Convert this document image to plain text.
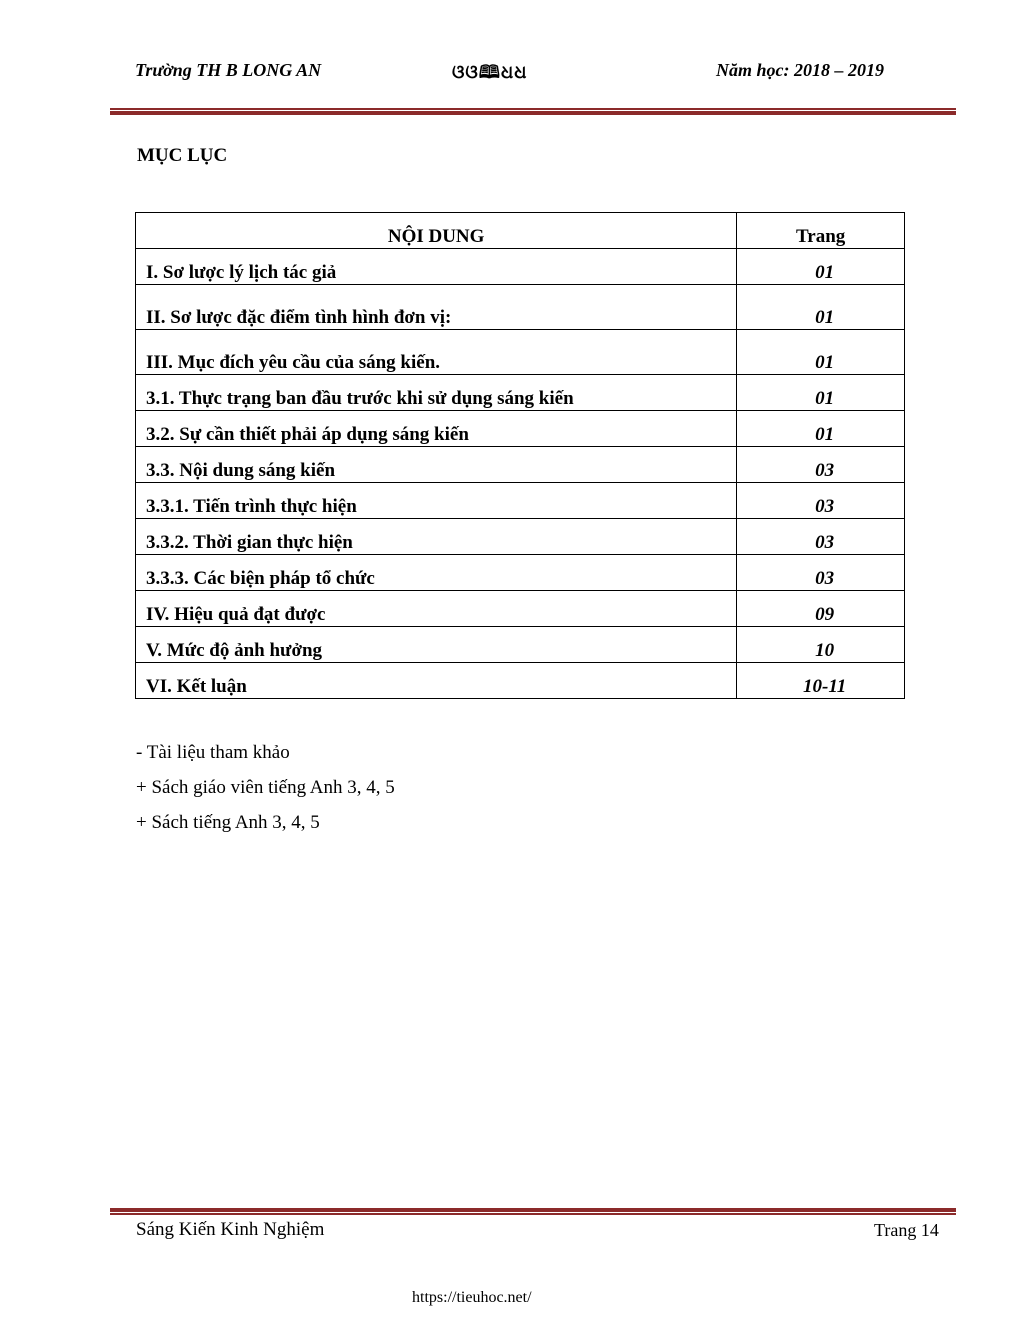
Trường TH B LONG AN	ଓଓ🕮ଧଧ	Năm học: 2018 – 2019
MỤC LỤC
NỘI DUNG	Trang
I. Sơ lược lý lịch tác giả	01
II. Sơ lược đặc điểm tình hình đơn vị:	01
III. Mục đích yêu cầu của sáng kiến.	01
3.1. Thực trạng ban đầu trước khi sử dụng sáng kiến	01
3.2. Sự cần thiết phải áp dụng sáng kiến	01
3.3. Nội dung sáng kiến	03
3.3.1. Tiến trình thực hiện	03
3.3.2. Thời gian thực hiện	03
3.3.3. Các biện pháp tổ chức	03
IV. Hiệu quả đạt được	09
V. Mức độ ảnh hưởng	10
VI. Kết luận	10-11
- Tài liệu tham khảo
+ Sách giáo viên tiếng Anh 3, 4, 5
+ Sách tiếng Anh 3, 4, 5
Sáng Kiến Kinh Nghiệm	Trang 14
https://tieuhoc.net/
